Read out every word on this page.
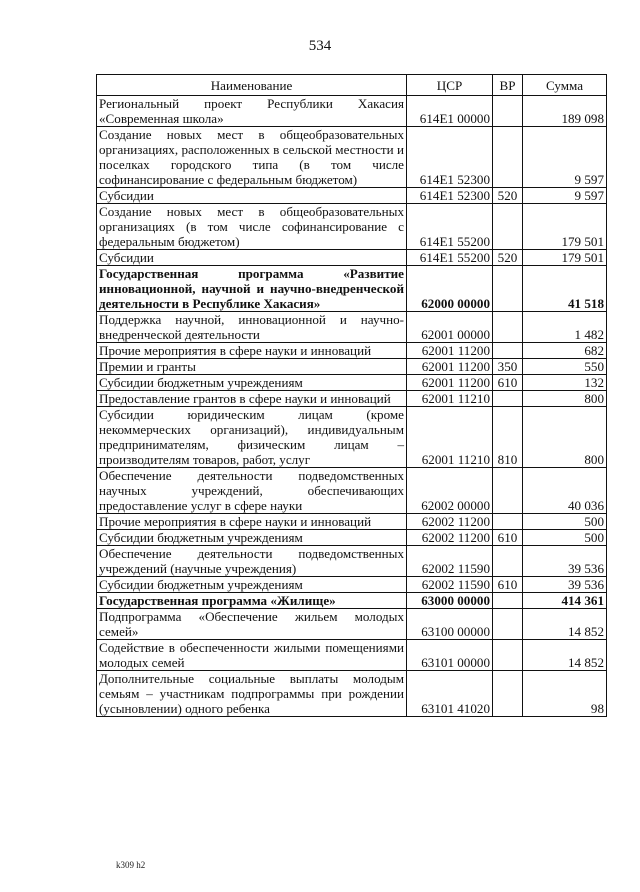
534
Наименование	ЦСР	ВР	Сумма
Региональный проект Республики Хакасия «Современная школа»	614E1 00000		189 098
Создание новых мест в общеобразовательных организациях, расположенных в сельской местности и поселках городского типа (в том числе софинансирование с федеральным бюджетом)	614E1 52300		9 597
Субсидии	614E1 52300	520	9 597
Создание новых мест в общеобразовательных организациях (в том числе софинансирование с федеральным бюджетом)	614E1 55200		179 501
Субсидии	614E1 55200	520	179 501
Государственная программа «Развитие инновационной, научной и научно-внедренческой деятельности в Республике Хакасия»	62000 00000		41 518
Поддержка научной, инновационной и научно-внедренческой деятельности	62001 00000		1 482
Прочие мероприятия в сфере науки и инноваций	62001 11200		682
Премии и гранты	62001 11200	350	550
Субсидии бюджетным учреждениям	62001 11200	610	132
Предоставление грантов в сфере науки и инноваций	62001 11210		800
Субсидии юридическим лицам (кроме некоммерческих организаций), индивидуальным предпринимателям, физическим лицам – производителям товаров, работ, услуг	62001 11210	810	800
Обеспечение деятельности подведомственных научных учреждений, обеспечивающих предоставление услуг в сфере науки	62002 00000		40 036
Прочие мероприятия в сфере науки и инноваций	62002 11200		500
Субсидии бюджетным учреждениям	62002 11200	610	500
Обеспечение деятельности подведомственных учреждений (научные учреждения)	62002 11590		39 536
Субсидии бюджетным учреждениям	62002 11590	610	39 536
Государственная программа «Жилище»	63000 00000		414 361
Подпрограмма «Обеспечение жильем молодых семей»	63100 00000		14 852
Содействие в обеспеченности жилыми помещениями молодых семей	63101 00000		14 852
Дополнительные социальные выплаты молодым семьям – участникам подпрограммы при рождении (усыновлении) одного ребенка	63101 41020		98
k309 h2
